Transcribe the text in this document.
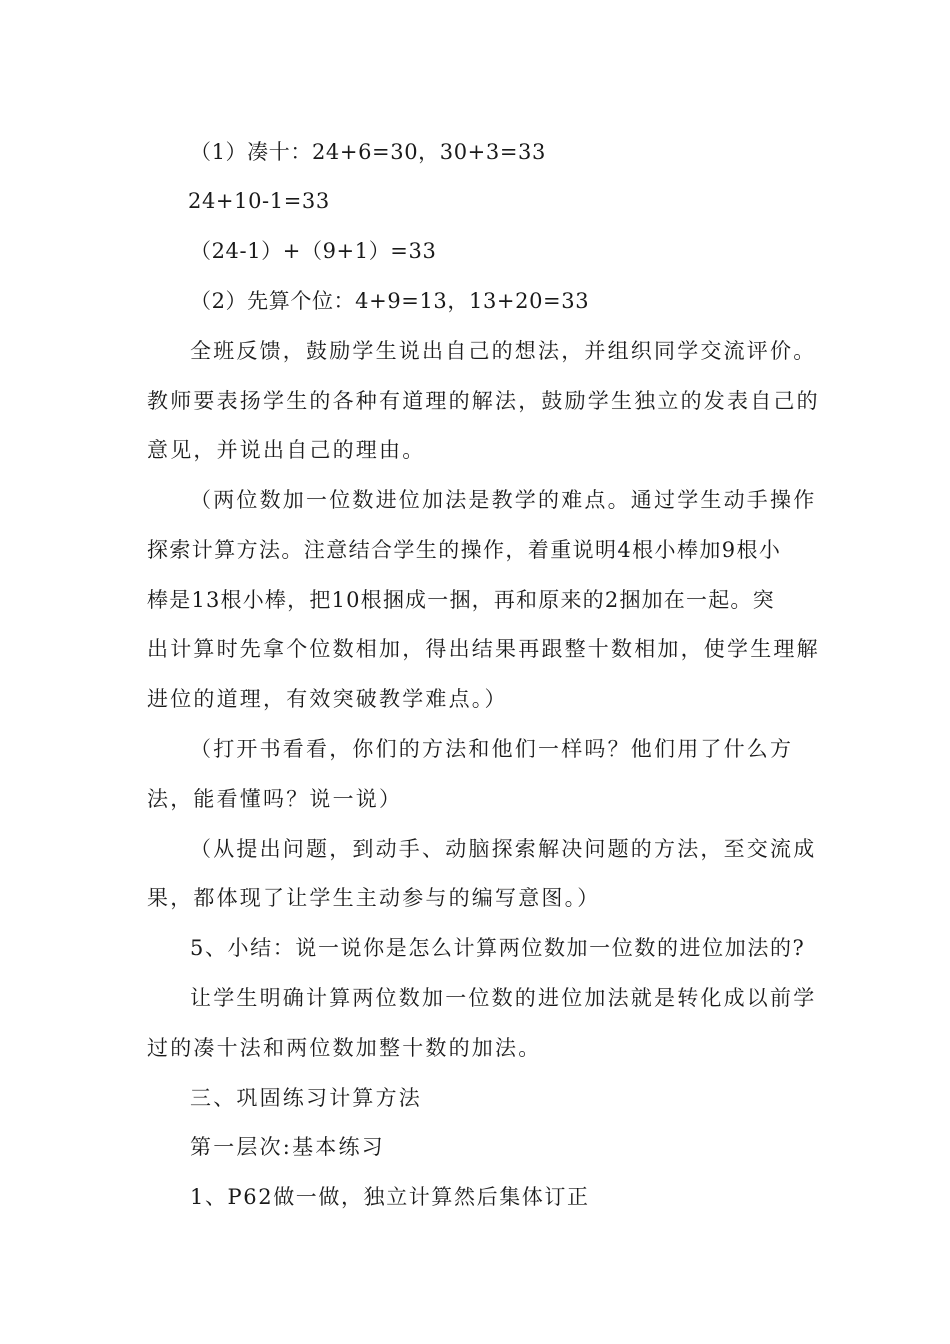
（1）凑十：24+6=30，30+3=33
24+10-1=33
（24-1）+（9+1）=33
（2）先算个位：4+9=13，13+20=33
全班反馈，鼓励学生说出自己的想法，并组织同学交流评价。
教师要表扬学生的各种有道理的解法，鼓励学生独立的发表自己的
意见，并说出自己的理由。
（两位数加一位数进位加法是教学的难点。通过学生动手操作
探索计算方法。注意结合学生的操作，着重说明4根小棒加9根小
棒是13根小棒，把10根捆成一捆，再和原来的2捆加在一起。突
出计算时先拿个位数相加，得出结果再跟整十数相加，使学生理解
进位的道理，有效突破教学难点。）
（打开书看看，你们的方法和他们一样吗？他们用了什么方
法，能看懂吗？说一说）
（从提出问题，到动手、动脑探索解决问题的方法，至交流成
果，都体现了让学生主动参与的编写意图。）
5、小结：说一说你是怎么计算两位数加一位数的进位加法的?
让学生明确计算两位数加一位数的进位加法就是转化成以前学
过的凑十法和两位数加整十数的加法。
三、巩固练习计算方法
第一层次:基本练习
1、P62做一做，独立计算然后集体订正
